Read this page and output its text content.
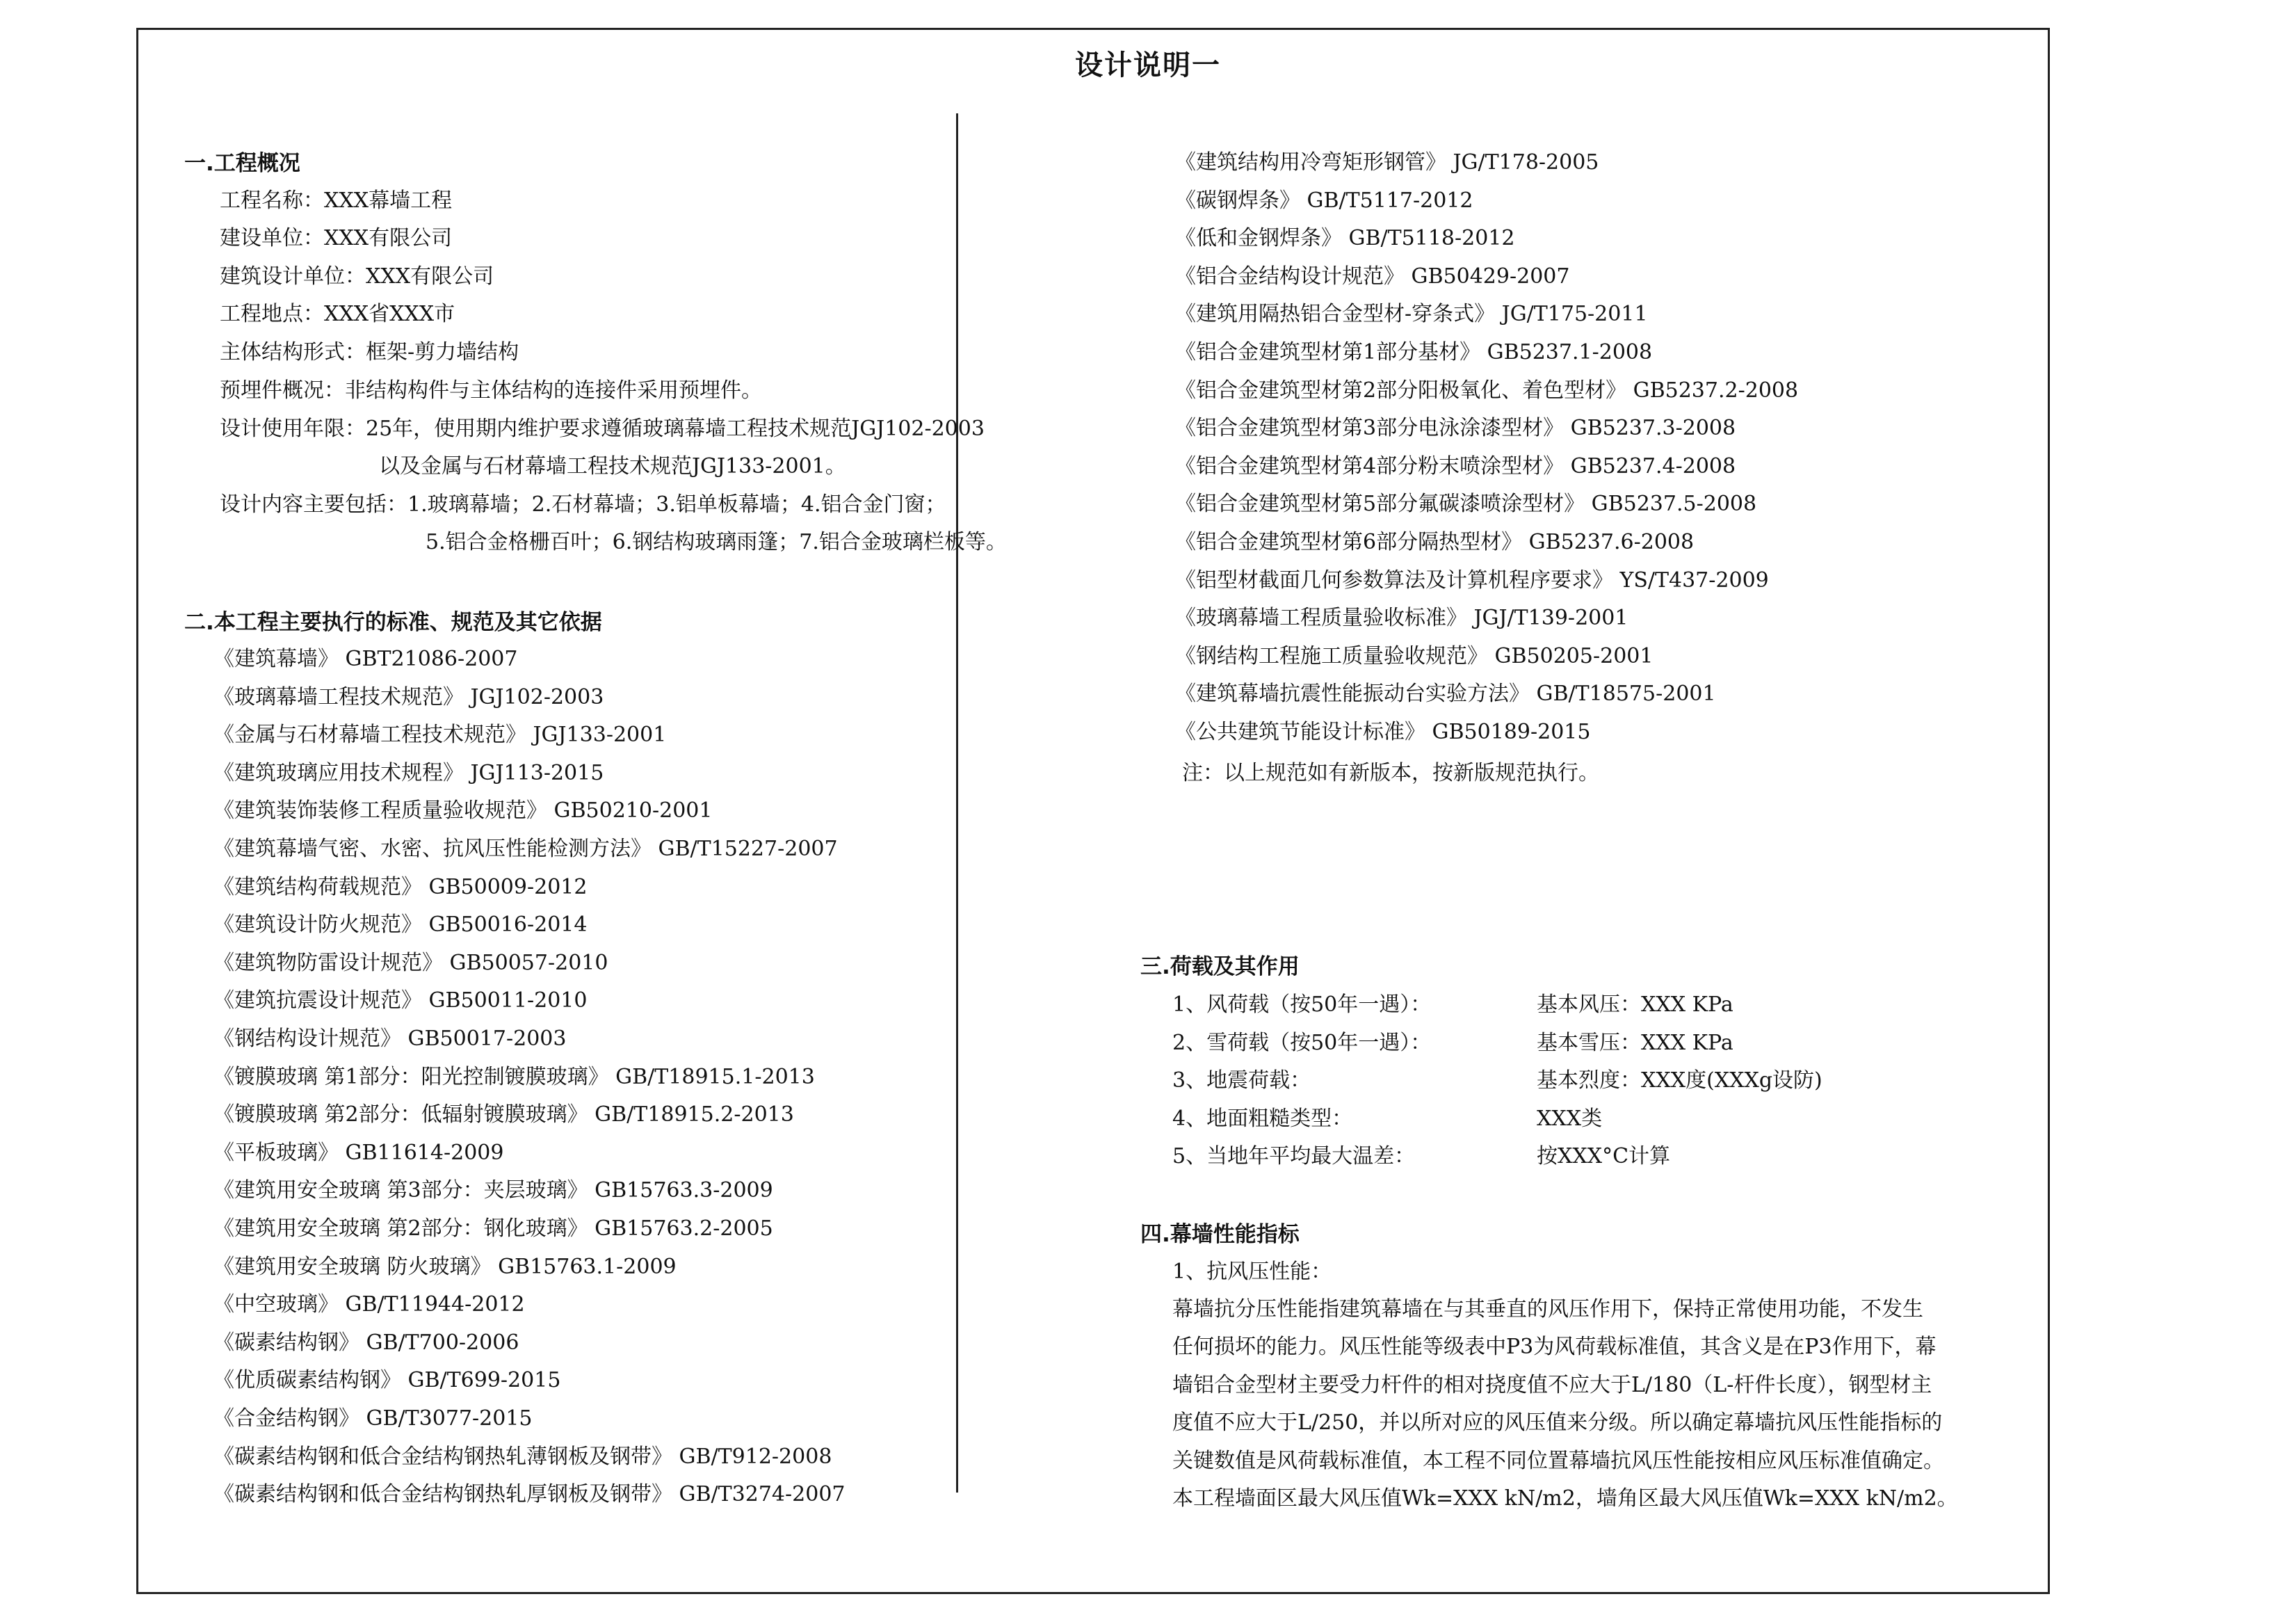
设计说明一
一.工程概况
工程名称：XXX幕墙工程
建设单位：XXX有限公司
建筑设计单位：XXX有限公司
工程地点：XXX省XXX市
主体结构形式：框架-剪力墙结构
预埋件概况：非结构构件与主体结构的连接件采用预埋件。
设计使用年限：25年，使用期内维护要求遵循玻璃幕墙工程技术规范JGJ102-2003
以及金属与石材幕墙工程技术规范JGJ133-2001。
设计内容主要包括：1.玻璃幕墙；2.石材幕墙；3.铝单板幕墙；4.铝合金门窗；
5.铝合金格栅百叶；6.钢结构玻璃雨篷；7.铝合金玻璃栏板等。
二.本工程主要执行的标准、规范及其它依据
《建筑幕墙》 GBT21086-2007
《玻璃幕墙工程技术规范》 JGJ102-2003
《金属与石材幕墙工程技术规范》 JGJ133-2001
《建筑玻璃应用技术规程》 JGJ113-2015
《建筑装饰装修工程质量验收规范》 GB50210-2001
《建筑幕墙气密、水密、抗风压性能检测方法》 GB/T15227-2007
《建筑结构荷载规范》 GB50009-2012
《建筑设计防火规范》 GB50016-2014
《建筑物防雷设计规范》 GB50057-2010
《建筑抗震设计规范》 GB50011-2010
《钢结构设计规范》 GB50017-2003
《镀膜玻璃 第1部分：阳光控制镀膜玻璃》 GB/T18915.1-2013
《镀膜玻璃 第2部分：低辐射镀膜玻璃》 GB/T18915.2-2013
《平板玻璃》 GB11614-2009
《建筑用安全玻璃 第3部分：夹层玻璃》 GB15763.3-2009
《建筑用安全玻璃 第2部分：钢化玻璃》 GB15763.2-2005
《建筑用安全玻璃 防火玻璃》 GB15763.1-2009
《中空玻璃》 GB/T11944-2012
《碳素结构钢》 GB/T700-2006
《优质碳素结构钢》 GB/T699-2015
《合金结构钢》 GB/T3077-2015
《碳素结构钢和低合金结构钢热轧薄钢板及钢带》 GB/T912-2008
《碳素结构钢和低合金结构钢热轧厚钢板及钢带》 GB/T3274-2007
《建筑结构用冷弯矩形钢管》 JG/T178-2005
《碳钢焊条》 GB/T5117-2012
《低和金钢焊条》 GB/T5118-2012
《铝合金结构设计规范》 GB50429-2007
《建筑用隔热铝合金型材-穿条式》 JG/T175-2011
《铝合金建筑型材第1部分基材》 GB5237.1-2008
《铝合金建筑型材第2部分阳极氧化、着色型材》 GB5237.2-2008
《铝合金建筑型材第3部分电泳涂漆型材》 GB5237.3-2008
《铝合金建筑型材第4部分粉末喷涂型材》 GB5237.4-2008
《铝合金建筑型材第5部分氟碳漆喷涂型材》 GB5237.5-2008
《铝合金建筑型材第6部分隔热型材》 GB5237.6-2008
《铝型材截面几何参数算法及计算机程序要求》 YS/T437-2009
《玻璃幕墙工程质量验收标准》 JGJ/T139-2001
《钢结构工程施工质量验收规范》 GB50205-2001
《建筑幕墙抗震性能振动台实验方法》 GB/T18575-2001
《公共建筑节能设计标准》 GB50189-2015
注：以上规范如有新版本，按新版规范执行。
三.荷载及其作用
1、风荷载（按50年一遇）：	基本风压：XXX KPa
2、雪荷载（按50年一遇）：	基本雪压：XXX KPa
3、地震荷载：	基本烈度：XXX度(XXXg设防)
4、地面粗糙类型：	XXX类
5、当地年平均最大温差：	按XXX°C计算
四.幕墙性能指标
1、抗风压性能：
幕墙抗分压性能指建筑幕墙在与其垂直的风压作用下，保持正常使用功能，不发生
任何损坏的能力。风压性能等级表中P3为风荷载标准值，其含义是在P3作用下，幕
墙铝合金型材主要受力杆件的相对挠度值不应大于L/180（L-杆件长度），钢型材主
度值不应大于L/250，并以所对应的风压值来分级。所以确定幕墙抗风压性能指标的
关键数值是风荷载标准值，本工程不同位置幕墙抗风压性能按相应风压标准值确定。
本工程墙面区最大风压值Wk=XXX kN/m2，墙角区最大风压值Wk=XXX kN/m2。
